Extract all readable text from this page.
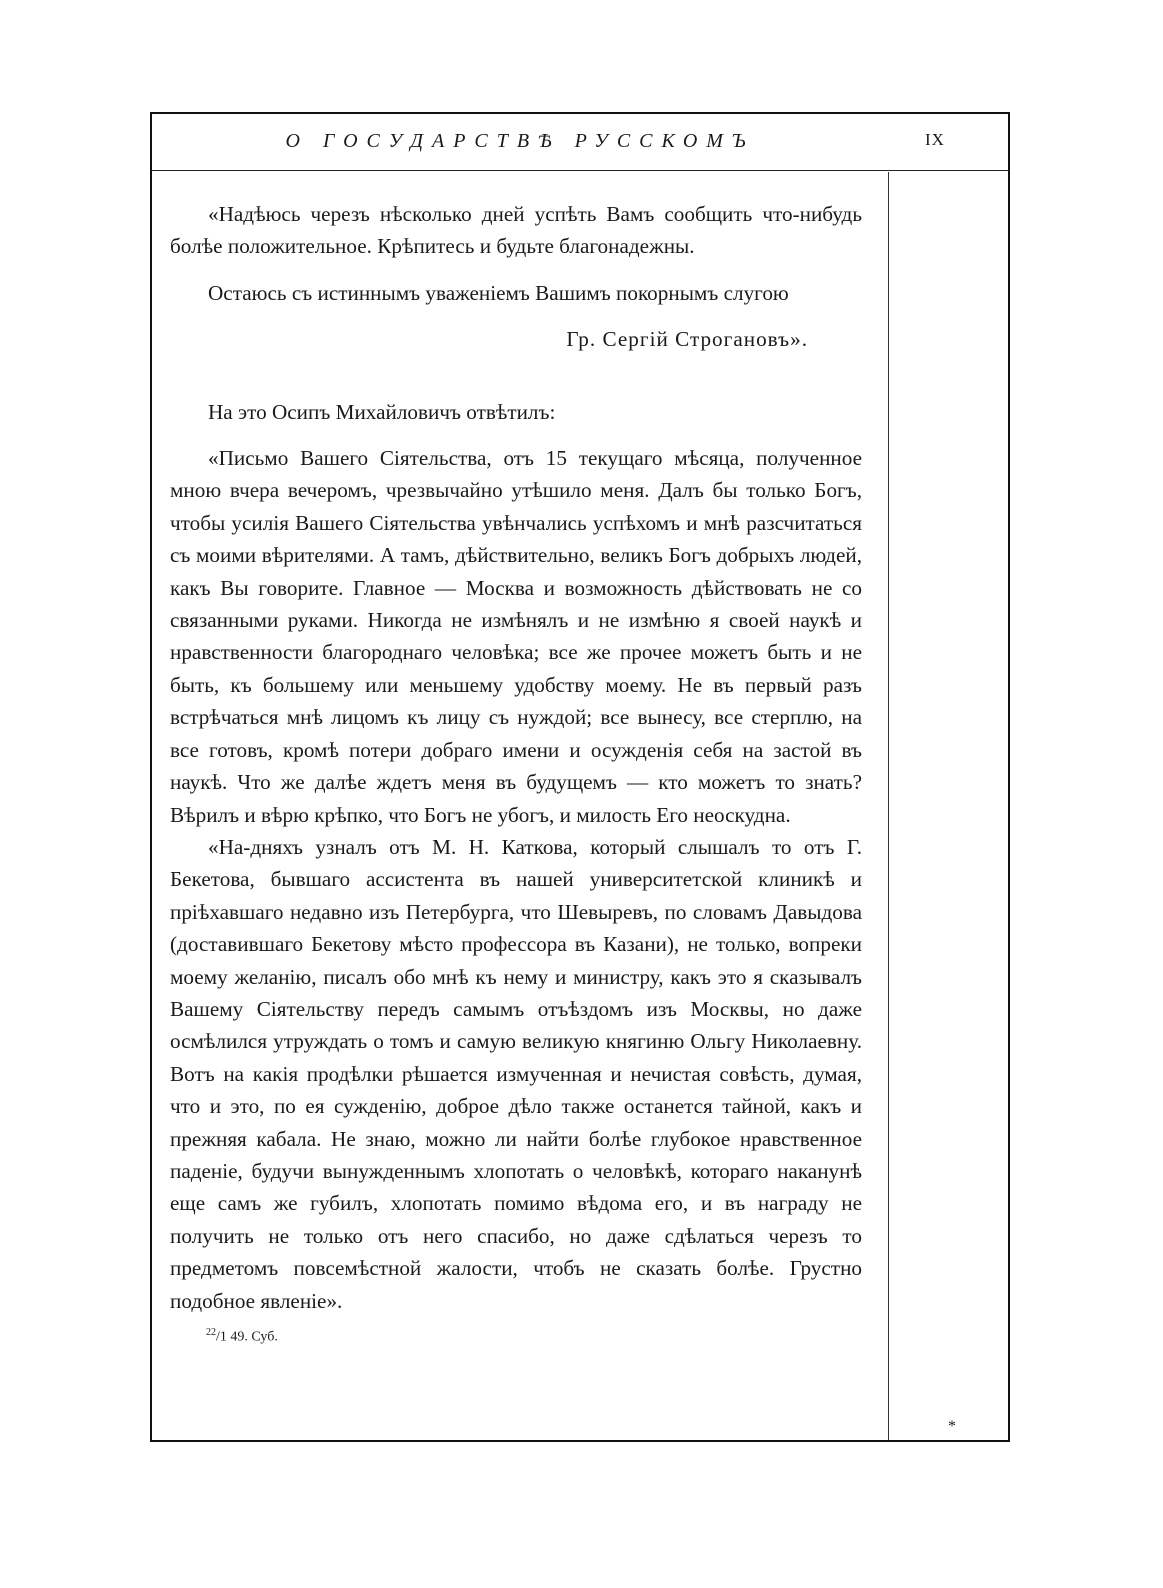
О ГОСУДАРСТВѢ РУССКОМЪ	IX

«Надѣюсь черезъ нѣсколько дней успѣть Вамъ сообщить что-нибудь болѣе положительное. Крѣпитесь и будьте благонадежны.

Остаюсь съ истиннымъ уваженіемъ Вашимъ покорнымъ слугою

Гр. Сергій Строгановъ».

На это Осипъ Михайловичъ отвѣтилъ:

«Письмо Вашего Сіятельства, отъ 15 текущаго мѣсяца, полученное мною вчера вечеромъ, чрезвычайно утѣшило меня. Далъ бы только Богъ, чтобы усилія Вашего Сіятельства увѣнчались успѣхомъ и мнѣ разсчитаться съ моими вѣрителями. А тамъ, дѣйствительно, великъ Богъ добрыхъ людей, какъ Вы говорите. Главное — Москва и возможность дѣйствовать не со связанными руками. Никогда не измѣнялъ и не измѣню я своей наукѣ и нравственности благороднаго человѣка; все же прочее можетъ быть и не быть, къ большему или меньшему удобству моему. Не въ первый разъ встрѣчаться мнѣ лицомъ къ лицу съ нуждой; все вынесу, все стерплю, на все готовъ, кромѣ потери добраго имени и осужденія себя на застой въ наукѣ. Что же далѣе ждетъ меня въ будущемъ — кто можетъ то знать? Вѣрилъ и вѣрю крѣпко, что Богъ не убогъ, и милость Его неоскудна.

«На-дняхъ узналъ отъ М. Н. Каткова, который слышалъ то отъ Г. Бекетова, бывшаго ассистента въ нашей университетской клиникѣ и пріѣхавшаго недавно изъ Петербурга, что Шевыревъ, по словамъ Давыдова (доставившаго Бекетову мѣсто профессора въ Казани), не только, вопреки моему желанію, писалъ обо мнѣ къ нему и министру, какъ это я сказывалъ Вашему Сіятельству передъ самымъ отъѣздомъ изъ Москвы, но даже осмѣлился утруждать о томъ и самую великую княгиню Ольгу Николаевну. Вотъ на какія продѣлки рѣшается измученная и нечистая совѣсть, думая, что и это, по ея сужденію, доброе дѣло также останется тайной, какъ и прежняя кабала. Не знаю, можно ли найти болѣе глубокое нравственное паденіе, будучи вынужденнымъ хлопотать о человѣкѣ, котораго наканунѣ еще самъ же губилъ, хлопотать помимо вѣдома его, и въ награду не получить не только отъ него спасибо, но даже сдѣлаться черезъ то предметомъ повсемѣстной жалости, чтобъ не сказать болѣе. Грустно подобное явленіе».

$^{22}$/1 49. Суб.

*
